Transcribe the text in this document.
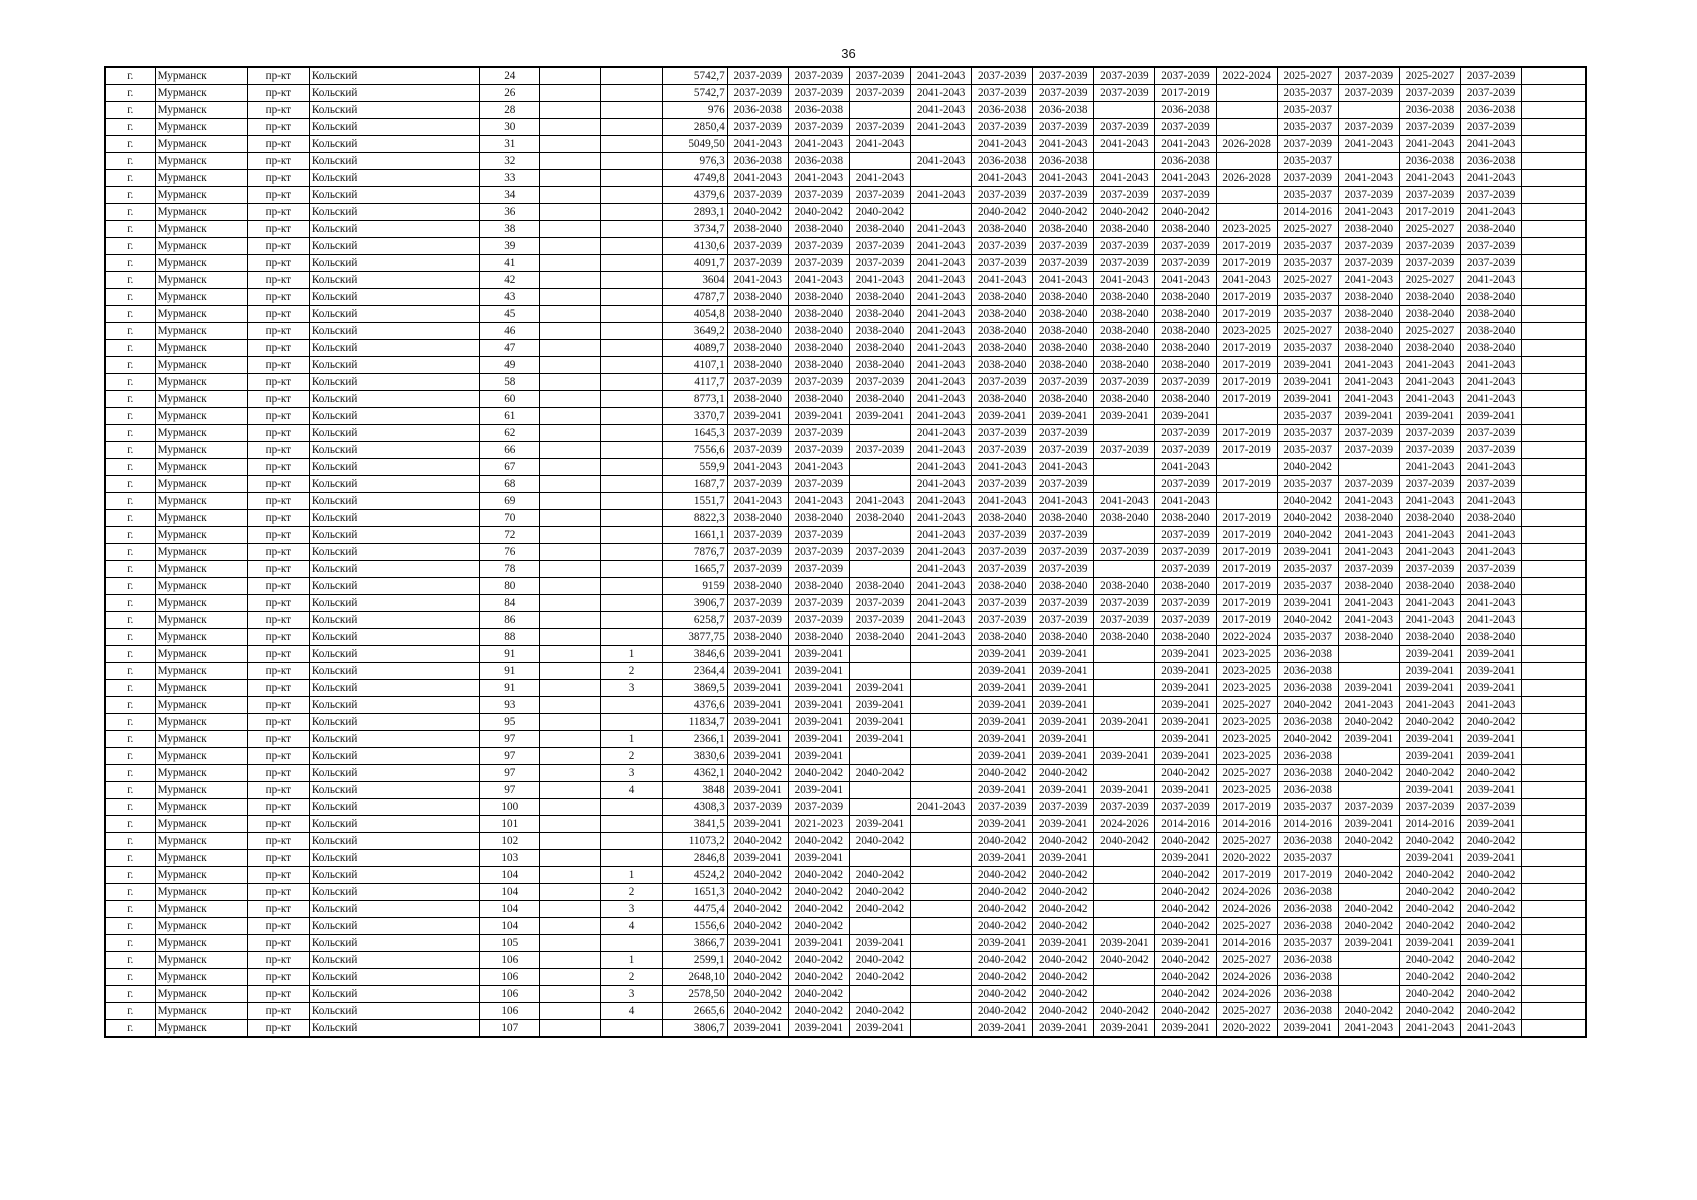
36
г.	Мурманск	пр-кт	Кольский	24			5742,7	2037-2039	2037-2039	2037-2039	2041-2043	2037-2039	2037-2039	2037-2039	2037-2039	2022-2024	2025-2027	2037-2039	2025-2027	2037-2039	
г.	Мурманск	пр-кт	Кольский	26			5742,7	2037-2039	2037-2039	2037-2039	2041-2043	2037-2039	2037-2039	2037-2039	2017-2019		2035-2037	2037-2039	2037-2039	2037-2039	
г.	Мурманск	пр-кт	Кольский	28			976	2036-2038	2036-2038		2041-2043	2036-2038	2036-2038		2036-2038		2035-2037		2036-2038	2036-2038	
г.	Мурманск	пр-кт	Кольский	30			2850,4	2037-2039	2037-2039	2037-2039	2041-2043	2037-2039	2037-2039	2037-2039	2037-2039		2035-2037	2037-2039	2037-2039	2037-2039	
г.	Мурманск	пр-кт	Кольский	31			5049,50	2041-2043	2041-2043	2041-2043		2041-2043	2041-2043	2041-2043	2041-2043	2026-2028	2037-2039	2041-2043	2041-2043	2041-2043	
г.	Мурманск	пр-кт	Кольский	32			976,3	2036-2038	2036-2038		2041-2043	2036-2038	2036-2038		2036-2038		2035-2037		2036-2038	2036-2038	
г.	Мурманск	пр-кт	Кольский	33			4749,8	2041-2043	2041-2043	2041-2043		2041-2043	2041-2043	2041-2043	2041-2043	2026-2028	2037-2039	2041-2043	2041-2043	2041-2043	
г.	Мурманск	пр-кт	Кольский	34			4379,6	2037-2039	2037-2039	2037-2039	2041-2043	2037-2039	2037-2039	2037-2039	2037-2039		2035-2037	2037-2039	2037-2039	2037-2039	
г.	Мурманск	пр-кт	Кольский	36			2893,1	2040-2042	2040-2042	2040-2042		2040-2042	2040-2042	2040-2042	2040-2042		2014-2016	2041-2043	2017-2019	2041-2043	
г.	Мурманск	пр-кт	Кольский	38			3734,7	2038-2040	2038-2040	2038-2040	2041-2043	2038-2040	2038-2040	2038-2040	2038-2040	2023-2025	2025-2027	2038-2040	2025-2027	2038-2040	
г.	Мурманск	пр-кт	Кольский	39			4130,6	2037-2039	2037-2039	2037-2039	2041-2043	2037-2039	2037-2039	2037-2039	2037-2039	2017-2019	2035-2037	2037-2039	2037-2039	2037-2039	
г.	Мурманск	пр-кт	Кольский	41			4091,7	2037-2039	2037-2039	2037-2039	2041-2043	2037-2039	2037-2039	2037-2039	2037-2039	2017-2019	2035-2037	2037-2039	2037-2039	2037-2039	
г.	Мурманск	пр-кт	Кольский	42			3604	2041-2043	2041-2043	2041-2043	2041-2043	2041-2043	2041-2043	2041-2043	2041-2043	2041-2043	2025-2027	2041-2043	2025-2027	2041-2043	
г.	Мурманск	пр-кт	Кольский	43			4787,7	2038-2040	2038-2040	2038-2040	2041-2043	2038-2040	2038-2040	2038-2040	2038-2040	2017-2019	2035-2037	2038-2040	2038-2040	2038-2040	
г.	Мурманск	пр-кт	Кольский	45			4054,8	2038-2040	2038-2040	2038-2040	2041-2043	2038-2040	2038-2040	2038-2040	2038-2040	2017-2019	2035-2037	2038-2040	2038-2040	2038-2040	
г.	Мурманск	пр-кт	Кольский	46			3649,2	2038-2040	2038-2040	2038-2040	2041-2043	2038-2040	2038-2040	2038-2040	2038-2040	2023-2025	2025-2027	2038-2040	2025-2027	2038-2040	
г.	Мурманск	пр-кт	Кольский	47			4089,7	2038-2040	2038-2040	2038-2040	2041-2043	2038-2040	2038-2040	2038-2040	2038-2040	2017-2019	2035-2037	2038-2040	2038-2040	2038-2040	
г.	Мурманск	пр-кт	Кольский	49			4107,1	2038-2040	2038-2040	2038-2040	2041-2043	2038-2040	2038-2040	2038-2040	2038-2040	2017-2019	2039-2041	2041-2043	2041-2043	2041-2043	
г.	Мурманск	пр-кт	Кольский	58			4117,7	2037-2039	2037-2039	2037-2039	2041-2043	2037-2039	2037-2039	2037-2039	2037-2039	2017-2019	2039-2041	2041-2043	2041-2043	2041-2043	
г.	Мурманск	пр-кт	Кольский	60			8773,1	2038-2040	2038-2040	2038-2040	2041-2043	2038-2040	2038-2040	2038-2040	2038-2040	2017-2019	2039-2041	2041-2043	2041-2043	2041-2043	
г.	Мурманск	пр-кт	Кольский	61			3370,7	2039-2041	2039-2041	2039-2041	2041-2043	2039-2041	2039-2041	2039-2041	2039-2041		2035-2037	2039-2041	2039-2041	2039-2041	
г.	Мурманск	пр-кт	Кольский	62			1645,3	2037-2039	2037-2039		2041-2043	2037-2039	2037-2039		2037-2039	2017-2019	2035-2037	2037-2039	2037-2039	2037-2039	
г.	Мурманск	пр-кт	Кольский	66			7556,6	2037-2039	2037-2039	2037-2039	2041-2043	2037-2039	2037-2039	2037-2039	2037-2039	2017-2019	2035-2037	2037-2039	2037-2039	2037-2039	
г.	Мурманск	пр-кт	Кольский	67			559,9	2041-2043	2041-2043		2041-2043	2041-2043	2041-2043		2041-2043		2040-2042		2041-2043	2041-2043	
г.	Мурманск	пр-кт	Кольский	68			1687,7	2037-2039	2037-2039		2041-2043	2037-2039	2037-2039		2037-2039	2017-2019	2035-2037	2037-2039	2037-2039	2037-2039	
г.	Мурманск	пр-кт	Кольский	69			1551,7	2041-2043	2041-2043	2041-2043	2041-2043	2041-2043	2041-2043	2041-2043	2041-2043		2040-2042	2041-2043	2041-2043	2041-2043	
г.	Мурманск	пр-кт	Кольский	70			8822,3	2038-2040	2038-2040	2038-2040	2041-2043	2038-2040	2038-2040	2038-2040	2038-2040	2017-2019	2040-2042	2038-2040	2038-2040	2038-2040	
г.	Мурманск	пр-кт	Кольский	72			1661,1	2037-2039	2037-2039		2041-2043	2037-2039	2037-2039		2037-2039	2017-2019	2040-2042	2041-2043	2041-2043	2041-2043	
г.	Мурманск	пр-кт	Кольский	76			7876,7	2037-2039	2037-2039	2037-2039	2041-2043	2037-2039	2037-2039	2037-2039	2037-2039	2017-2019	2039-2041	2041-2043	2041-2043	2041-2043	
г.	Мурманск	пр-кт	Кольский	78			1665,7	2037-2039	2037-2039		2041-2043	2037-2039	2037-2039		2037-2039	2017-2019	2035-2037	2037-2039	2037-2039	2037-2039	
г.	Мурманск	пр-кт	Кольский	80			9159	2038-2040	2038-2040	2038-2040	2041-2043	2038-2040	2038-2040	2038-2040	2038-2040	2017-2019	2035-2037	2038-2040	2038-2040	2038-2040	
г.	Мурманск	пр-кт	Кольский	84			3906,7	2037-2039	2037-2039	2037-2039	2041-2043	2037-2039	2037-2039	2037-2039	2037-2039	2017-2019	2039-2041	2041-2043	2041-2043	2041-2043	
г.	Мурманск	пр-кт	Кольский	86			6258,7	2037-2039	2037-2039	2037-2039	2041-2043	2037-2039	2037-2039	2037-2039	2037-2039	2017-2019	2040-2042	2041-2043	2041-2043	2041-2043	
г.	Мурманск	пр-кт	Кольский	88			3877,75	2038-2040	2038-2040	2038-2040	2041-2043	2038-2040	2038-2040	2038-2040	2038-2040	2022-2024	2035-2037	2038-2040	2038-2040	2038-2040	
г.	Мурманск	пр-кт	Кольский	91		1	3846,6	2039-2041	2039-2041			2039-2041	2039-2041		2039-2041	2023-2025	2036-2038		2039-2041	2039-2041	
г.	Мурманск	пр-кт	Кольский	91		2	2364,4	2039-2041	2039-2041			2039-2041	2039-2041		2039-2041	2023-2025	2036-2038		2039-2041	2039-2041	
г.	Мурманск	пр-кт	Кольский	91		3	3869,5	2039-2041	2039-2041	2039-2041		2039-2041	2039-2041		2039-2041	2023-2025	2036-2038	2039-2041	2039-2041	2039-2041	
г.	Мурманск	пр-кт	Кольский	93			4376,6	2039-2041	2039-2041	2039-2041		2039-2041	2039-2041		2039-2041	2025-2027	2040-2042	2041-2043	2041-2043	2041-2043	
г.	Мурманск	пр-кт	Кольский	95			11834,7	2039-2041	2039-2041	2039-2041		2039-2041	2039-2041	2039-2041	2039-2041	2023-2025	2036-2038	2040-2042	2040-2042	2040-2042	
г.	Мурманск	пр-кт	Кольский	97		1	2366,1	2039-2041	2039-2041	2039-2041		2039-2041	2039-2041		2039-2041	2023-2025	2040-2042	2039-2041	2039-2041	2039-2041	
г.	Мурманск	пр-кт	Кольский	97		2	3830,6	2039-2041	2039-2041			2039-2041	2039-2041	2039-2041	2039-2041	2023-2025	2036-2038		2039-2041	2039-2041	
г.	Мурманск	пр-кт	Кольский	97		3	4362,1	2040-2042	2040-2042	2040-2042		2040-2042	2040-2042		2040-2042	2025-2027	2036-2038	2040-2042	2040-2042	2040-2042	
г.	Мурманск	пр-кт	Кольский	97		4	3848	2039-2041	2039-2041			2039-2041	2039-2041	2039-2041	2039-2041	2023-2025	2036-2038		2039-2041	2039-2041	
г.	Мурманск	пр-кт	Кольский	100			4308,3	2037-2039	2037-2039		2041-2043	2037-2039	2037-2039	2037-2039	2037-2039	2017-2019	2035-2037	2037-2039	2037-2039	2037-2039	
г.	Мурманск	пр-кт	Кольский	101			3841,5	2039-2041	2021-2023	2039-2041		2039-2041	2039-2041	2024-2026	2014-2016	2014-2016	2014-2016	2039-2041	2014-2016	2039-2041	
г.	Мурманск	пр-кт	Кольский	102			11073,2	2040-2042	2040-2042	2040-2042		2040-2042	2040-2042	2040-2042	2040-2042	2025-2027	2036-2038	2040-2042	2040-2042	2040-2042	
г.	Мурманск	пр-кт	Кольский	103			2846,8	2039-2041	2039-2041			2039-2041	2039-2041		2039-2041	2020-2022	2035-2037		2039-2041	2039-2041	
г.	Мурманск	пр-кт	Кольский	104		1	4524,2	2040-2042	2040-2042	2040-2042		2040-2042	2040-2042		2040-2042	2017-2019	2017-2019	2040-2042	2040-2042	2040-2042	
г.	Мурманск	пр-кт	Кольский	104		2	1651,3	2040-2042	2040-2042	2040-2042		2040-2042	2040-2042		2040-2042	2024-2026	2036-2038		2040-2042	2040-2042	
г.	Мурманск	пр-кт	Кольский	104		3	4475,4	2040-2042	2040-2042	2040-2042		2040-2042	2040-2042		2040-2042	2024-2026	2036-2038	2040-2042	2040-2042	2040-2042	
г.	Мурманск	пр-кт	Кольский	104		4	1556,6	2040-2042	2040-2042			2040-2042	2040-2042		2040-2042	2025-2027	2036-2038	2040-2042	2040-2042	2040-2042	
г.	Мурманск	пр-кт	Кольский	105			3866,7	2039-2041	2039-2041	2039-2041		2039-2041	2039-2041	2039-2041	2039-2041	2014-2016	2035-2037	2039-2041	2039-2041	2039-2041	
г.	Мурманск	пр-кт	Кольский	106		1	2599,1	2040-2042	2040-2042	2040-2042		2040-2042	2040-2042	2040-2042	2040-2042	2025-2027	2036-2038		2040-2042	2040-2042	
г.	Мурманск	пр-кт	Кольский	106		2	2648,10	2040-2042	2040-2042	2040-2042		2040-2042	2040-2042		2040-2042	2024-2026	2036-2038		2040-2042	2040-2042	
г.	Мурманск	пр-кт	Кольский	106		3	2578,50	2040-2042	2040-2042			2040-2042	2040-2042		2040-2042	2024-2026	2036-2038		2040-2042	2040-2042	
г.	Мурманск	пр-кт	Кольский	106		4	2665,6	2040-2042	2040-2042	2040-2042		2040-2042	2040-2042	2040-2042	2040-2042	2025-2027	2036-2038	2040-2042	2040-2042	2040-2042	
г.	Мурманск	пр-кт	Кольский	107			3806,7	2039-2041	2039-2041	2039-2041		2039-2041	2039-2041	2039-2041	2039-2041	2020-2022	2039-2041	2041-2043	2041-2043	2041-2043	
